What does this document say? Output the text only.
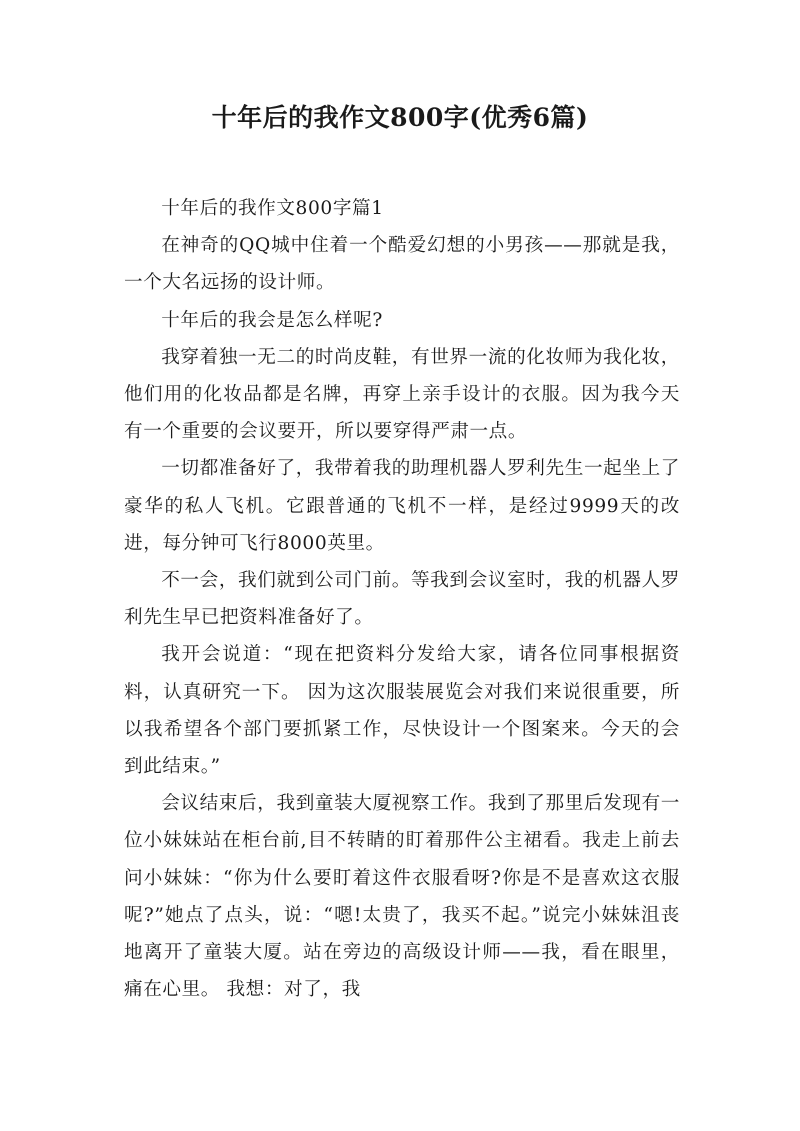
十年后的我作文800字(优秀6篇)

十年后的我作文800字篇1

在神奇的QQ城中住着一个酷爱幻想的小男孩——那就是我，一个大名远扬的设计师。

十年后的我会是怎么样呢?

我穿着独一无二的时尚皮鞋，有世界一流的化妆师为我化妆，他们用的化妆品都是名牌，再穿上亲手设计的衣服。因为我今天有一个重要的会议要开，所以要穿得严肃一点。

一切都准备好了，我带着我的助理机器人罗利先生一起坐上了豪华的私人飞机。它跟普通的飞机不一样，是经过9999天的改进，每分钟可飞行8000英里。

不一会，我们就到公司门前。等我到会议室时，我的机器人罗利先生早已把资料准备好了。

我开会说道：“现在把资料分发给大家，请各位同事根据资料，认真研究一下。 因为这次服装展览会对我们来说很重要，所以我希望各个部门要抓紧工作，尽快设计一个图案来。今天的会到此结束。”

会议结束后，我到童装大厦视察工作。我到了那里后发现有一位小妹妹站在柜台前,目不转睛的盯着那件公主裙看。我走上前去问小妹妹：“你为什么要盯着这件衣服看呀?你是不是喜欢这衣服呢?”她点了点头，说：“嗯!太贵了，我买不起。”说完小妹妹沮丧地离开了童装大厦。站在旁边的高级设计师——我，看在眼里，痛在心里。 我想：对了，我
